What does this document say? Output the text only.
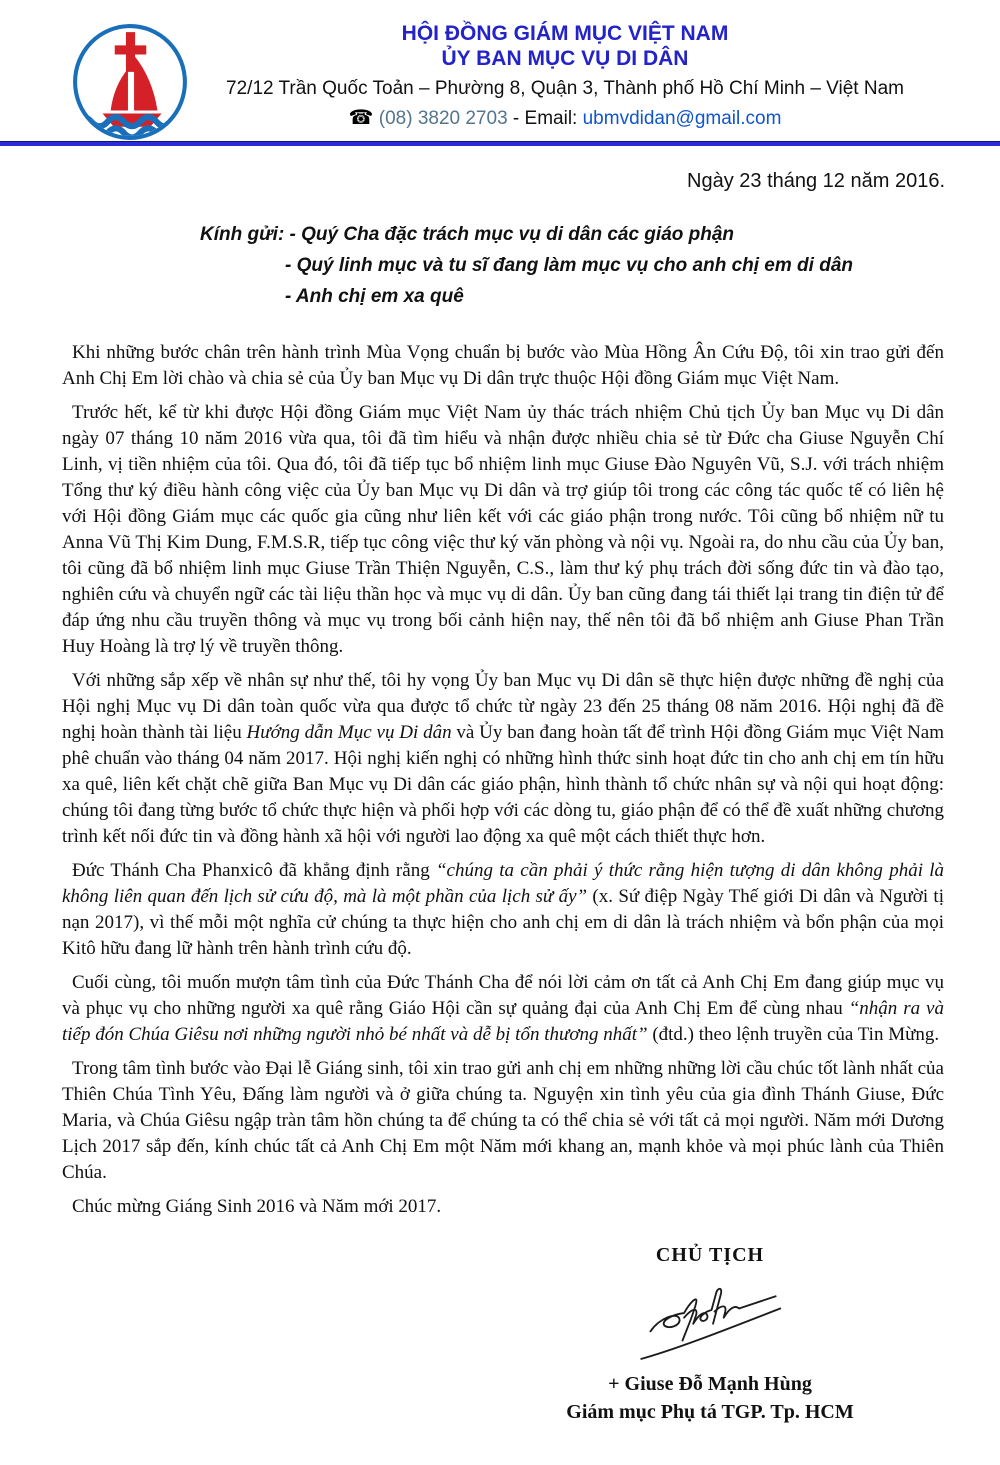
HỘI ĐỒNG GIÁM MỤC VIỆT NAM
ỦY BAN MỤC VỤ DI DÂN
72/12 Trần Quốc Toản – Phường 8, Quận 3, Thành phố Hồ Chí Minh – Việt Nam
☎ (08) 3820 2703 - Email: ubmvdidan@gmail.com
Ngày 23 tháng 12 năm 2016.
Kính gửi: - Quý Cha đặc trách mục vụ di dân các giáo phận
- Quý linh mục và tu sĩ đang làm mục vụ cho anh chị em di dân
- Anh chị em xa quê

Khi những bước chân trên hành trình Mùa Vọng chuẩn bị bước vào Mùa Hồng Ân Cứu Độ, tôi xin trao gửi đến Anh Chị Em lời chào và chia sẻ của Ủy ban Mục vụ Di dân trực thuộc Hội đồng Giám mục Việt Nam.

Trước hết, kể từ khi được Hội đồng Giám mục Việt Nam ủy thác trách nhiệm Chủ tịch Ủy ban Mục vụ Di dân ngày 07 tháng 10 năm 2016 vừa qua, tôi đã tìm hiểu và nhận được nhiều chia sẻ từ Đức cha Giuse Nguyễn Chí Linh, vị tiền nhiệm của tôi. Qua đó, tôi đã tiếp tục bổ nhiệm linh mục Giuse Đào Nguyên Vũ, S.J. với trách nhiệm Tổng thư ký điều hành công việc của Ủy ban Mục vụ Di dân và trợ giúp tôi trong các công tác quốc tế có liên hệ với Hội đồng Giám mục các quốc gia cũng như liên kết với các giáo phận trong nước. Tôi cũng bổ nhiệm nữ tu Anna Vũ Thị Kim Dung, F.M.S.R, tiếp tục công việc thư ký văn phòng và nội vụ. Ngoài ra, do nhu cầu của Ủy ban, tôi cũng đã bổ nhiệm linh mục Giuse Trần Thiện Nguyễn, C.S., làm thư ký phụ trách đời sống đức tin và đào tạo, nghiên cứu và chuyển ngữ các tài liệu thần học và mục vụ di dân. Ủy ban cũng đang tái thiết lại trang tin điện tử để đáp ứng nhu cầu truyền thông và mục vụ trong bối cảnh hiện nay, thế nên tôi đã bổ nhiệm anh Giuse Phan Trần Huy Hoàng là trợ lý về truyền thông.

Với những sắp xếp về nhân sự như thế, tôi hy vọng Ủy ban Mục vụ Di dân sẽ thực hiện được những đề nghị của Hội nghị Mục vụ Di dân toàn quốc vừa qua được tổ chức từ ngày 23 đến 25 tháng 08 năm 2016. Hội nghị đã đề nghị hoàn thành tài liệu Hướng dẫn Mục vụ Di dân và Ủy ban đang hoàn tất để trình Hội đồng Giám mục Việt Nam phê chuẩn vào tháng 04 năm 2017. Hội nghị kiến nghị có những hình thức sinh hoạt đức tin cho anh chị em tín hữu xa quê, liên kết chặt chẽ giữa Ban Mục vụ Di dân các giáo phận, hình thành tổ chức nhân sự và nội qui hoạt động: chúng tôi đang từng bước tổ chức thực hiện và phối hợp với các dòng tu, giáo phận để có thể đề xuất những chương trình kết nối đức tin và đồng hành xã hội với người lao động xa quê một cách thiết thực hơn.

Đức Thánh Cha Phanxicô đã khẳng định rằng “chúng ta cần phải ý thức rằng hiện tượng di dân không phải là không liên quan đến lịch sử cứu độ, mà là một phần của lịch sử ấy” (x. Sứ điệp Ngày Thế giới Di dân và Người tị nạn 2017), vì thế mỗi một nghĩa cử chúng ta thực hiện cho anh chị em di dân là trách nhiệm và bổn phận của mọi Kitô hữu đang lữ hành trên hành trình cứu độ.

Cuối cùng, tôi muốn mượn tâm tình của Đức Thánh Cha để nói lời cảm ơn tất cả Anh Chị Em đang giúp mục vụ và phục vụ cho những người xa quê rằng Giáo Hội cần sự quảng đại của Anh Chị Em để cùng nhau “nhận ra và tiếp đón Chúa Giêsu nơi những người nhỏ bé nhất và dễ bị tổn thương nhất” (đtd.) theo lệnh truyền của Tin Mừng.

Trong tâm tình bước vào Đại lễ Giáng sinh, tôi xin trao gửi anh chị em những những lời cầu chúc tốt lành nhất của Thiên Chúa Tình Yêu, Đấng làm người và ở giữa chúng ta. Nguyện xin tình yêu của gia đình Thánh Giuse, Đức Maria, và Chúa Giêsu ngập tràn tâm hồn chúng ta để chúng ta có thể chia sẻ với tất cả mọi người. Năm mới Dương Lịch 2017 sắp đến, kính chúc tất cả Anh Chị Em một Năm mới khang an, mạnh khỏe và mọi phúc lành của Thiên Chúa.

Chúc mừng Giáng Sinh 2016 và Năm mới 2017.

CHỦ TỊCH
+ Giuse Đỗ Mạnh Hùng
Giám mục Phụ tá TGP. Tp. HCM
